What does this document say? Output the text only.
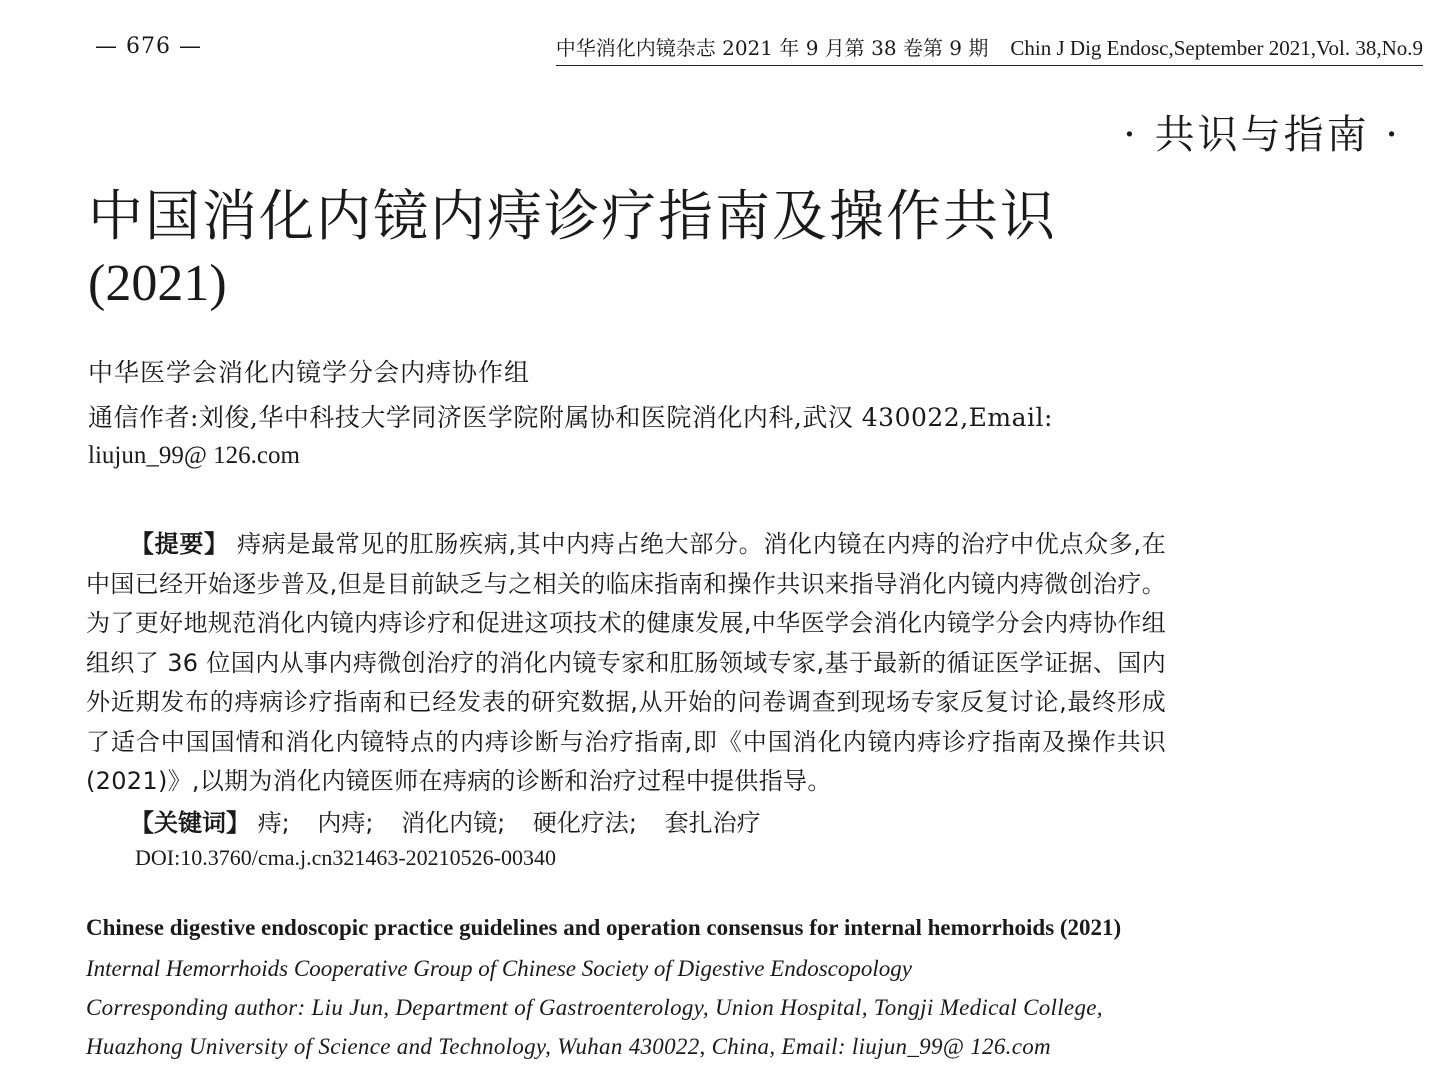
— 676 —	中华消化内镜杂志 2021 年 9 月第 38 卷第 9 期 Chin J Dig Endosc,September 2021,Vol. 38,No.9
· 共识与指南 ·
中国消化内镜内痔诊疗指南及操作共识
(2021)
中华医学会消化内镜学分会内痔协作组
通信作者:刘俊,华中科技大学同济医学院附属协和医院消化内科,武汉 430022,Email:
liujun_99@ 126.com
【提要】 痔病是最常见的肛肠疾病,其中内痔占绝大部分。消化内镜在内痔的治疗中优点众多,在中国已经开始逐步普及,但是目前缺乏与之相关的临床指南和操作共识来指导消化内镜内痔微创治疗。为了更好地规范消化内镜内痔诊疗和促进这项技术的健康发展,中华医学会消化内镜学分会内痔协作组组织了 36 位国内从事内痔微创治疗的消化内镜专家和肛肠领域专家,基于最新的循证医学证据、国内外近期发布的痔病诊疗指南和已经发表的研究数据,从开始的问卷调查到现场专家反复讨论,最终形成了适合中国国情和消化内镜特点的内痔诊断与治疗指南,即《中国消化内镜内痔诊疗指南及操作共识(2021)》,以期为消化内镜医师在痔病的诊断和治疗过程中提供指导。
【关键词】 痔; 内痔; 消化内镜; 硬化疗法; 套扎治疗
DOI:10.3760/cma.j.cn321463-20210526-00340
Chinese digestive endoscopic practice guidelines and operation consensus for internal hemorrhoids (2021)
Internal Hemorrhoids Cooperative Group of Chinese Society of Digestive Endoscopology
Corresponding author: Liu Jun, Department of Gastroenterology, Union Hospital, Tongji Medical College,
Huazhong University of Science and Technology, Wuhan 430022, China, Email: liujun_99@ 126.com
